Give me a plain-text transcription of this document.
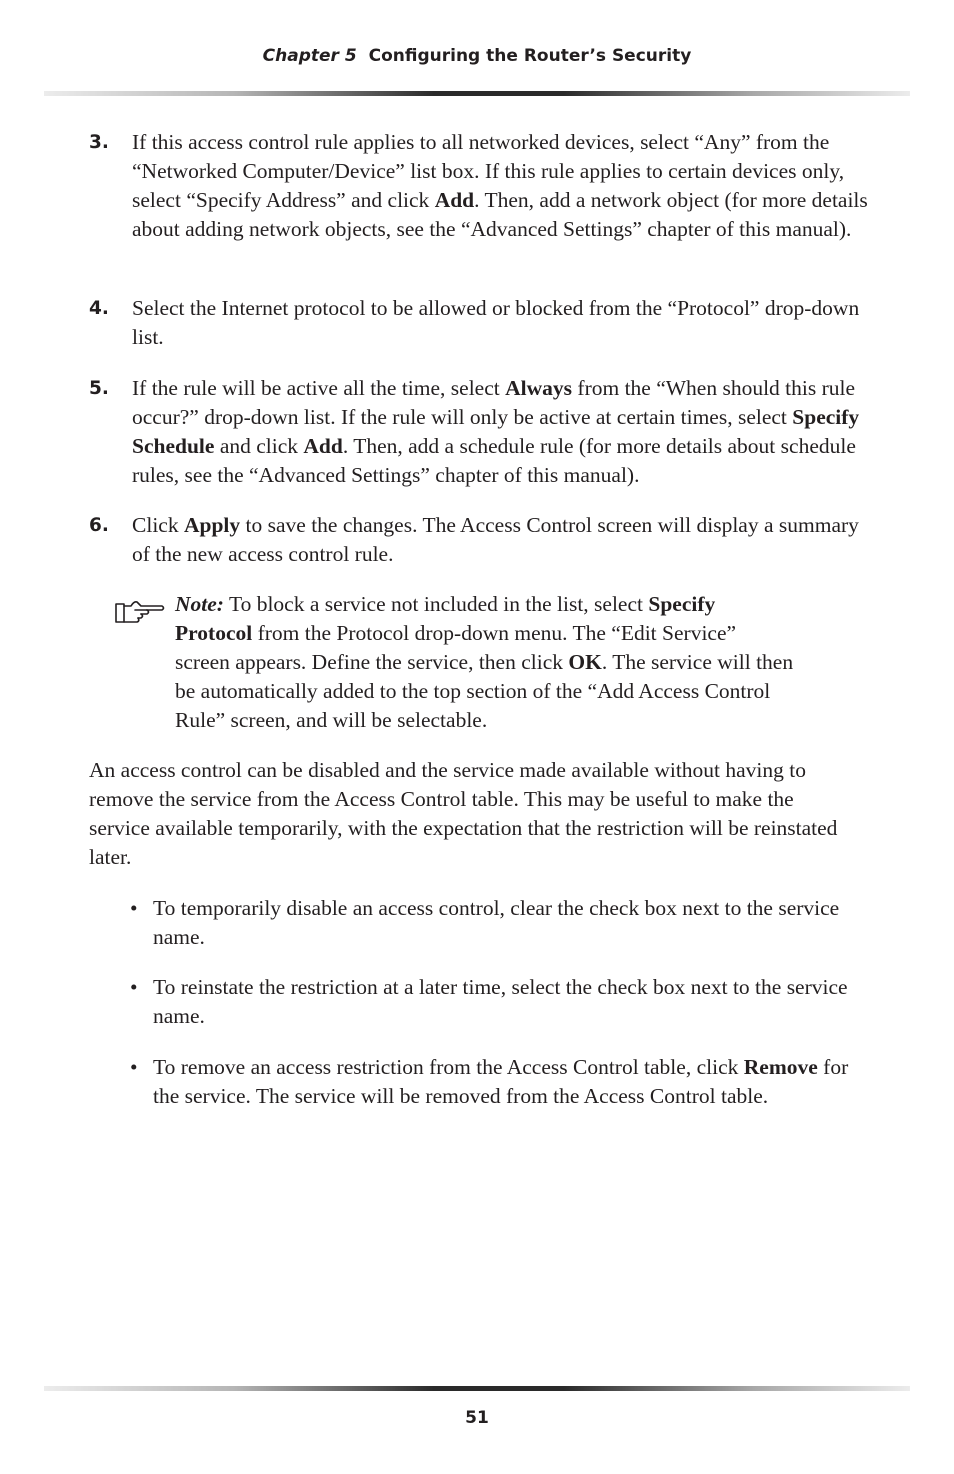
Chapter 5 Configuring the Router’s Security
3. If this access control rule applies to all networked devices, select “Any” from the “Networked Computer/Device” list box. If this rule applies to certain devices only, select “Specify Address” and click Add. Then, add a network object (for more details about adding network objects, see the “Advanced Settings” chapter of this manual).
4. Select the Internet protocol to be allowed or blocked from the “Protocol” drop-down list.
5. If the rule will be active all the time, select Always from the “When should this rule occur?” drop-down list. If the rule will only be active at certain times, select Specify Schedule and click Add. Then, add a schedule rule (for more details about schedule rules, see the “Advanced Settings” chapter of this manual).
6. Click Apply to save the changes. The Access Control screen will display a summary of the new access control rule.
Note: To block a service not included in the list, select Specify Protocol from the Protocol drop-down menu. The “Edit Service” screen appears. Define the service, then click OK. The service will then be automatically added to the top section of the “Add Access Control Rule” screen, and will be selectable.
An access control can be disabled and the service made available without having to remove the service from the Access Control table. This may be useful to make the service available temporarily, with the expectation that the restriction will be reinstated later.
• To temporarily disable an access control, clear the check box next to the service name.
• To reinstate the restriction at a later time, select the check box next to the service name.
• To remove an access restriction from the Access Control table, click Remove for the service. The service will be removed from the Access Control table.
51
